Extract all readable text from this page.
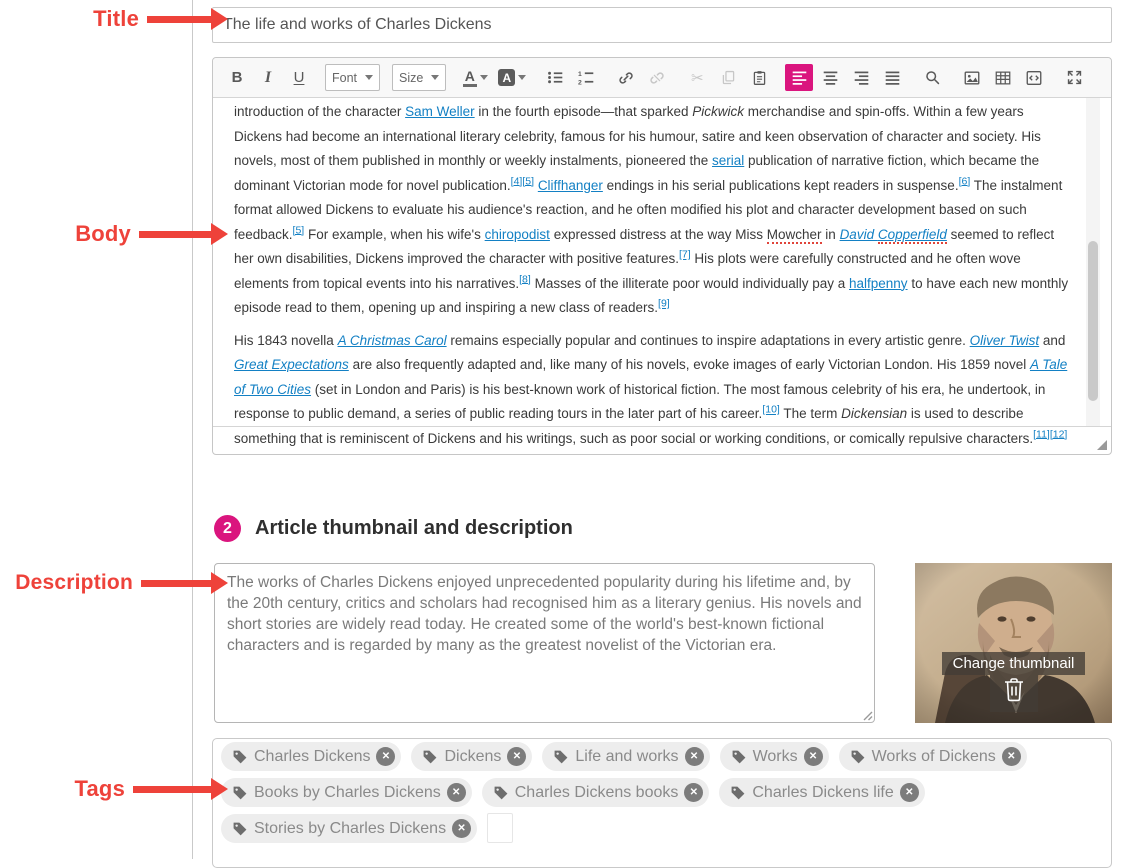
Title
Body
Description
Tags
The life and works of Charles Dickens
B I U Font	Size	A	A	1
2	✂

introduction of the character Sam Weller in the fourth episode—that sparked Pickwick merchandise and spin-offs. Within a few years Dickens had become an international literary celebrity, famous for his humour, satire and keen observation of character and society. His novels, most of them published in monthly or weekly instalments, pioneered the serial publication of narrative fiction, which became the dominant Victorian mode for novel publication.[4][5] Cliffhanger endings in his serial publications kept readers in suspense.[6] The instalment format allowed Dickens to evaluate his audience's reaction, and he often modified his plot and character development based on such feedback.[5] For example, when his wife's chiropodist expressed distress at the way Miss Mowcher in David Copperfield seemed to reflect her own disabilities, Dickens improved the character with positive features.[7] His plots were carefully constructed and he often wove elements from topical events into his narratives.[8] Masses of the illiterate poor would individually pay a halfpenny to have each new monthly episode read to them, opening up and inspiring a new class of readers.[9]

His 1843 novella A Christmas Carol remains especially popular and continues to inspire adaptations in every artistic genre. Oliver Twist and Great Expectations are also frequently adapted and, like many of his novels, evoke images of early Victorian London. His 1859 novel A Tale of Two Cities (set in London and Paris) is his best-known work of historical fiction. The most famous celebrity of his era, he undertook, in response to public demand, a series of public reading tours in the later part of his career.[10] The term Dickensian is used to describe something that is reminiscent of Dickens and his writings, such as poor social or working conditions, or comically repulsive characters.[11][12]

2	Article thumbnail and description
The works of Charles Dickens enjoyed unprecedented popularity during his lifetime and, by the 20th century, critics and scholars had recognised him as a literary genius. His novels and short stories are widely read today. He created some of the world's best-known fictional characters and is regarded by many as the greatest novelist of the Victorian era.
Change thumbnail
Charles Dickens	✕	Dickens	✕	Life and works	✕	Works	✕	Works of Dickens	✕
Books by Charles Dickens	✕	Charles Dickens books	✕	Charles Dickens life	✕
Stories by Charles Dickens	✕
